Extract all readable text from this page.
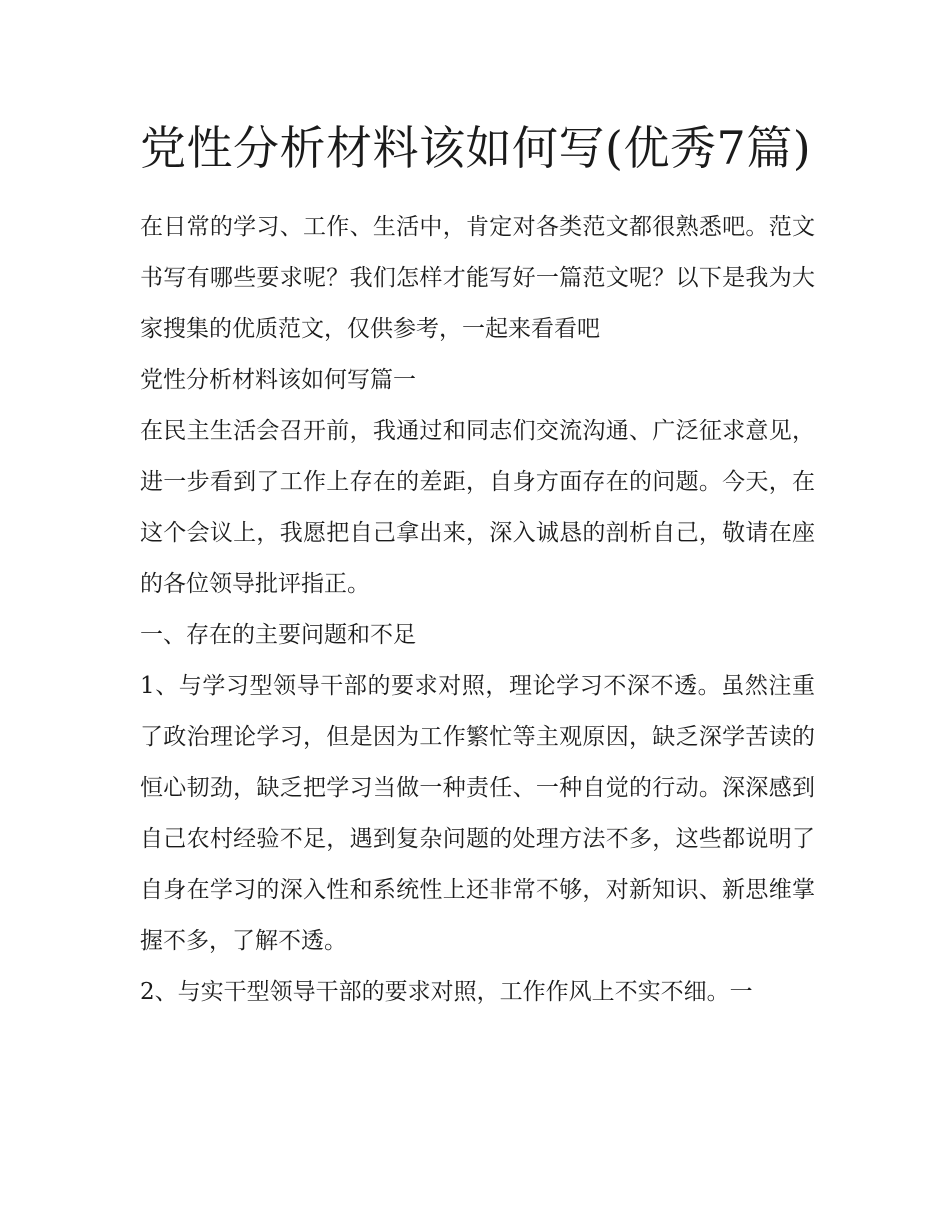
党性分析材料该如何写(优秀7篇)

在日常的学习、工作、生活中，肯定对各类范文都很熟悉吧。范文书写有哪些要求呢？我们怎样才能写好一篇范文呢？以下是我为大家搜集的优质范文，仅供参考，一起来看看吧

党性分析材料该如何写篇一

在民主生活会召开前，我通过和同志们交流沟通、广泛征求意见，进一步看到了工作上存在的差距，自身方面存在的问题。今天，在这个会议上，我愿把自己拿出来，深入诚恳的剖析自己，敬请在座的各位领导批评指正。

一、存在的主要问题和不足

1、与学习型领导干部的要求对照，理论学习不深不透。虽然注重了政治理论学习，但是因为工作繁忙等主观原因，缺乏深学苦读的恒心韧劲，缺乏把学习当做一种责任、一种自觉的行动。深深感到自己农村经验不足，遇到复杂问题的处理方法不多，这些都说明了自身在学习的深入性和系统性上还非常不够，对新知识、新思维掌握不多，了解不透。

2、与实干型领导干部的要求对照，工作作风上不实不细。一
